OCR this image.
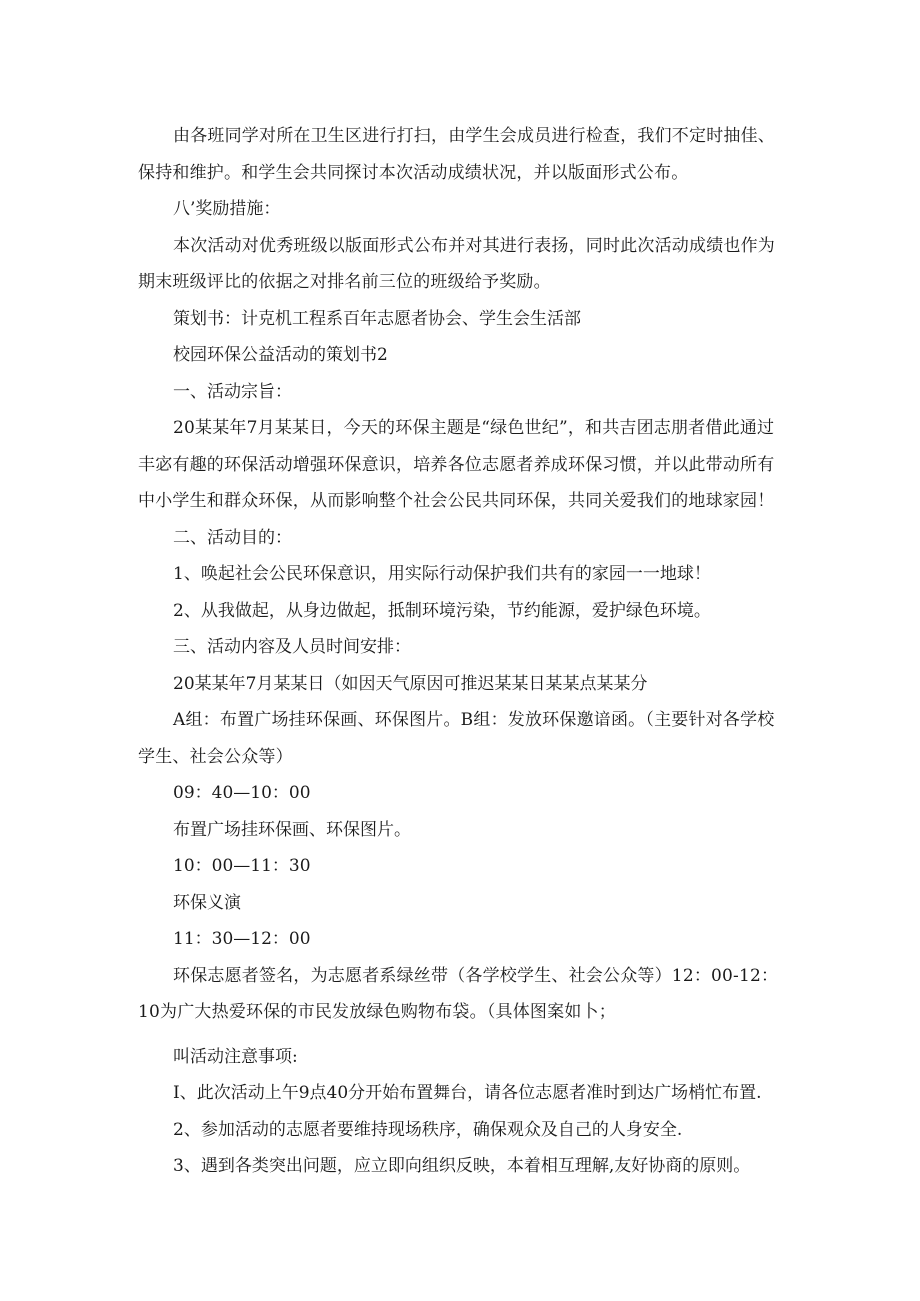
由各班同学对所在卫生区进行打扫，由学生会成员进行检查，我们不定时抽佳、保持和维护。和学生会共同探讨本次活动成绩状况，并以版面形式公布。

八’奖励措施：

本次活动对优秀班级以版面形式公布并对其进行表扬，同时此次活动成绩也作为期末班级评比的依据之对排名前三位的班级给予奖励。

策划书：计克机工程系百年志愿者协会、学生会生活部

校园环保公益活动的策划书2

一、活动宗旨：

20某某年7月某某日，今天的环保主题是“绿色世纪”，和共吉团志朋者借此通过丰宓有趣的环保活动增强环保意识，培养各位志愿者养成环保习惯，并以此带动所有中小学生和群众环保，从而影响整个社会公民共同环保，共同关爱我们的地球家园！

二、活动目的：

1、唤起社会公民环保意识，用实际行动保护我们共有的家园一一地球！

2、从我做起，从身边做起，抵制环境污染，节约能源，爱护绿色环境。

三、活动内容及人员时间安排：

20某某年7月某某日（如因天气原因可推迟某某日某某点某某分

A组：布置广场挂环保画、环保图片。B组：发放环保邀谙函。（主要针对各学校学生、社会公众等）

09：40—10：00

布置广场挂环保画、环保图片。

10：00—11：30

环保义演

11：30—12：00

环保志愿者签名，为志愿者系绿丝带（各学校学生、社会公众等）12：00-12：10为广大热爱环保的市民发放绿色购物布袋。（具体图案如卜；

叫活动注意事项:

I、此次活动上午9点40分开始布置舞台，请各位志愿者准时到达广场梢忙布置.

2、参加活动的志愿者要维持现场秩序，确保观众及自己的人身安全.

3、遇到各类突出问题，应立即向组织反映，本着相互理解,友好协商的原则。
